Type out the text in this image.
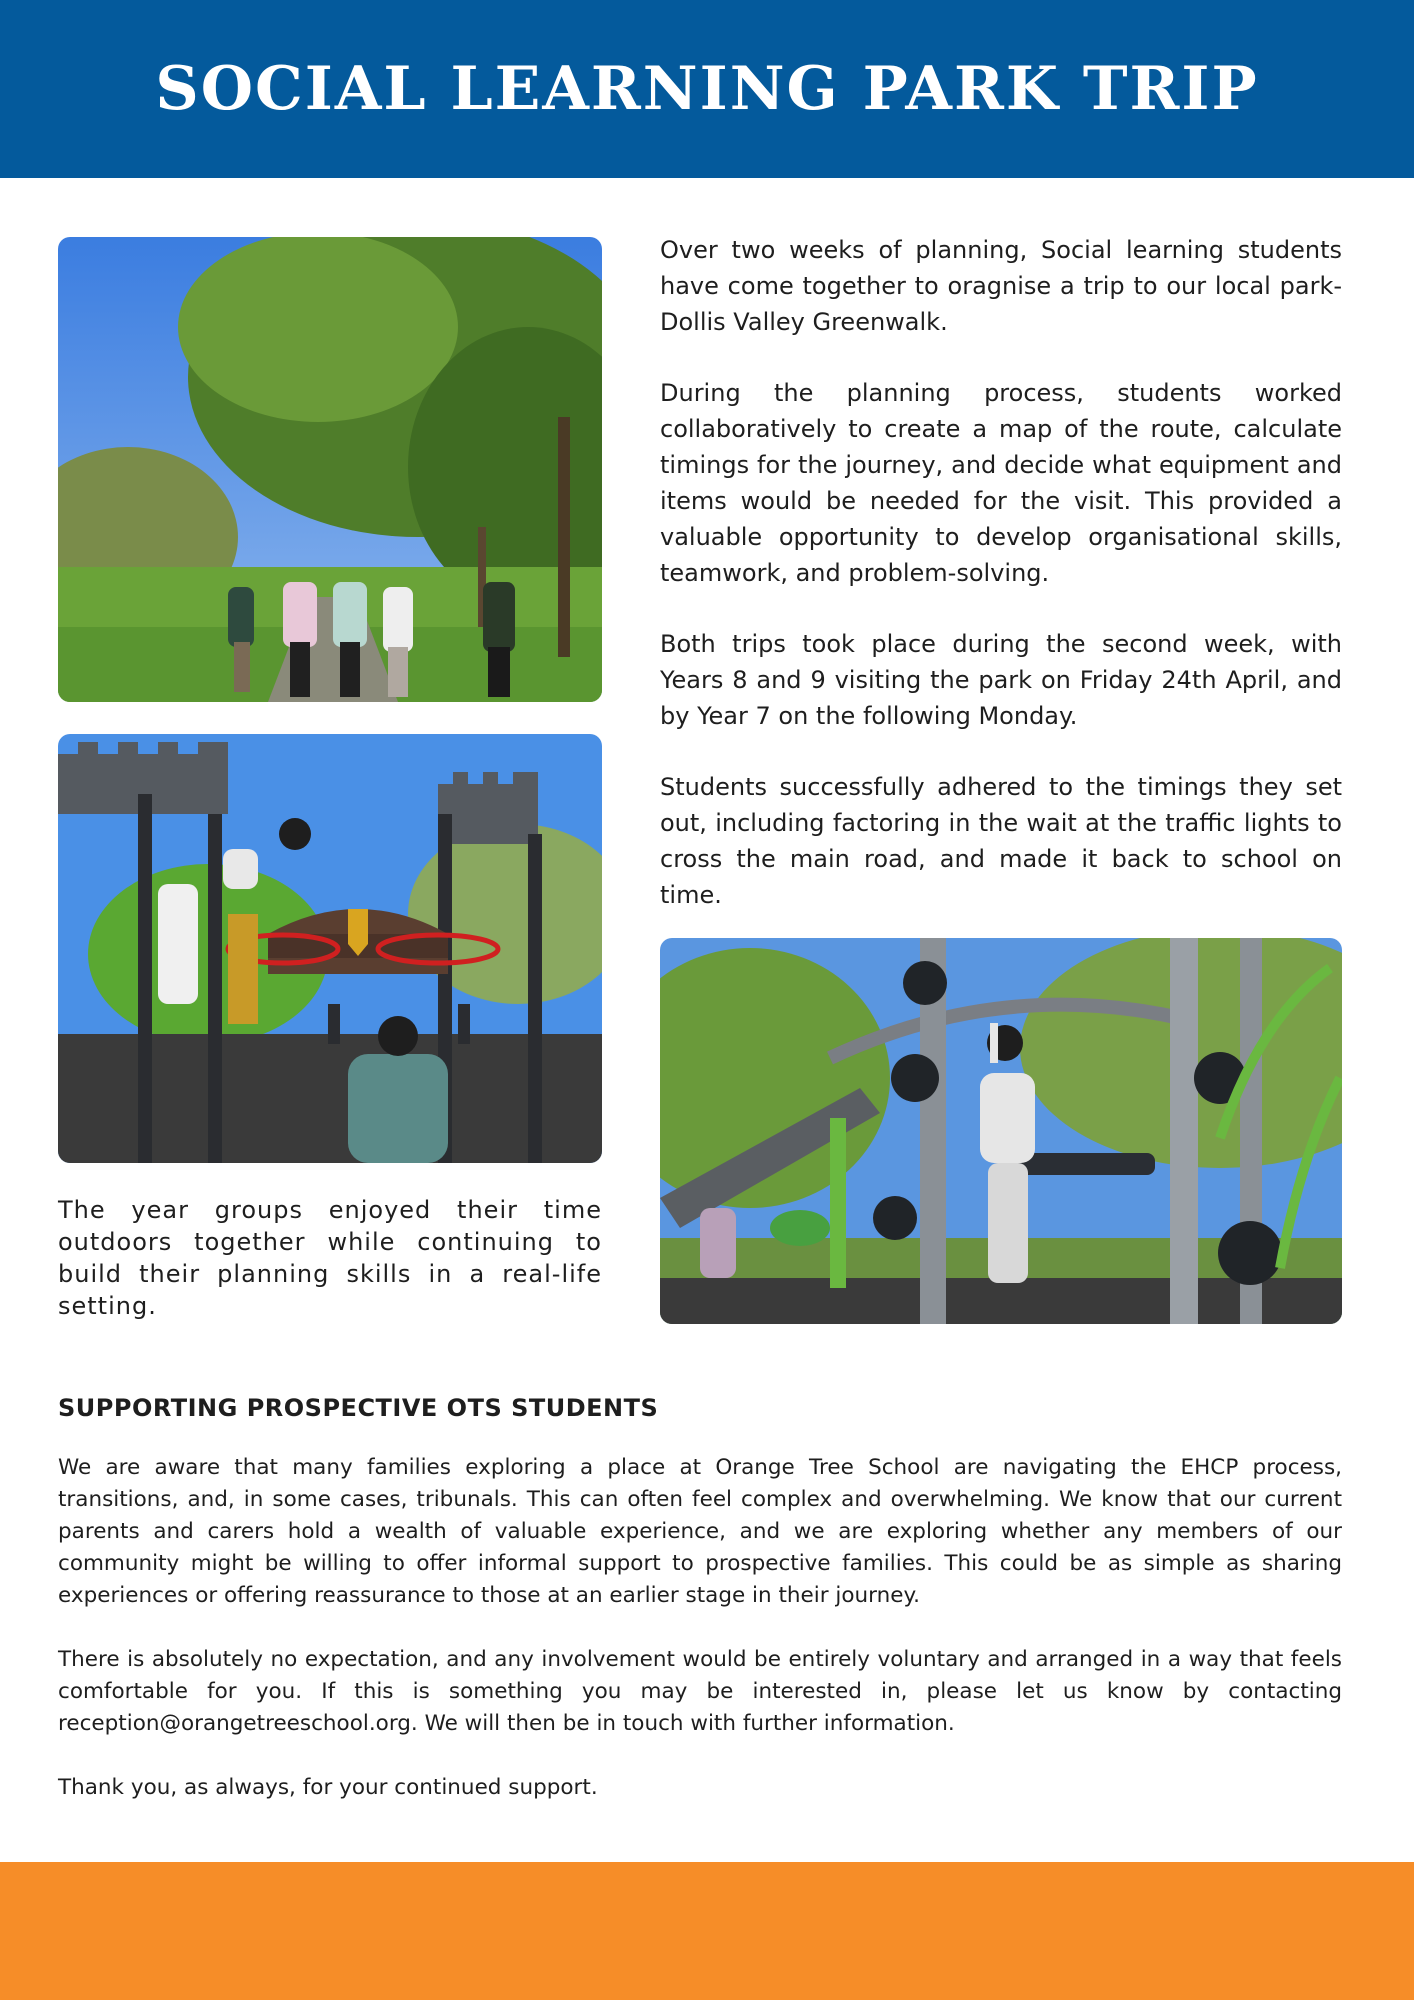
SOCIAL LEARNING PARK TRIP

Over two weeks of planning, Social learning students have come together to oragnise a trip to our local park- Dollis Valley Greenwalk.

During the planning process, students worked collaboratively to create a map of the route, calculate timings for the journey, and decide what equipment and items would be needed for the visit. This provided a valuable opportunity to develop organisational skills, teamwork, and problem-solving.

Both trips took place during the second week, with Years 8 and 9 visiting the park on Friday 24th April, and by Year 7 on the following Monday.

Students successfully adhered to the timings they set out, including factoring in the wait at the traffic lights to cross the main road, and made it back to school on time.

The year groups enjoyed their time outdoors together while continuing to build their planning skills in a real-life setting.

SUPPORTING PROSPECTIVE OTS STUDENTS

We are aware that many families exploring a place at Orange Tree School are navigating the EHCP process, transitions, and, in some cases, tribunals. This can often feel complex and overwhelming. We know that our current parents and carers hold a wealth of valuable experience, and we are exploring whether any members of our community might be willing to offer informal support to prospective families. This could be as simple as sharing experiences or offering reassurance to those at an earlier stage in their journey.

There is absolutely no expectation, and any involvement would be entirely voluntary and arranged in a way that feels comfortable for you. If this is something you may be interested in, please let us know by contacting reception@orangetreeschool.org. We will then be in touch with further information.

Thank you, as always, for your continued support.
